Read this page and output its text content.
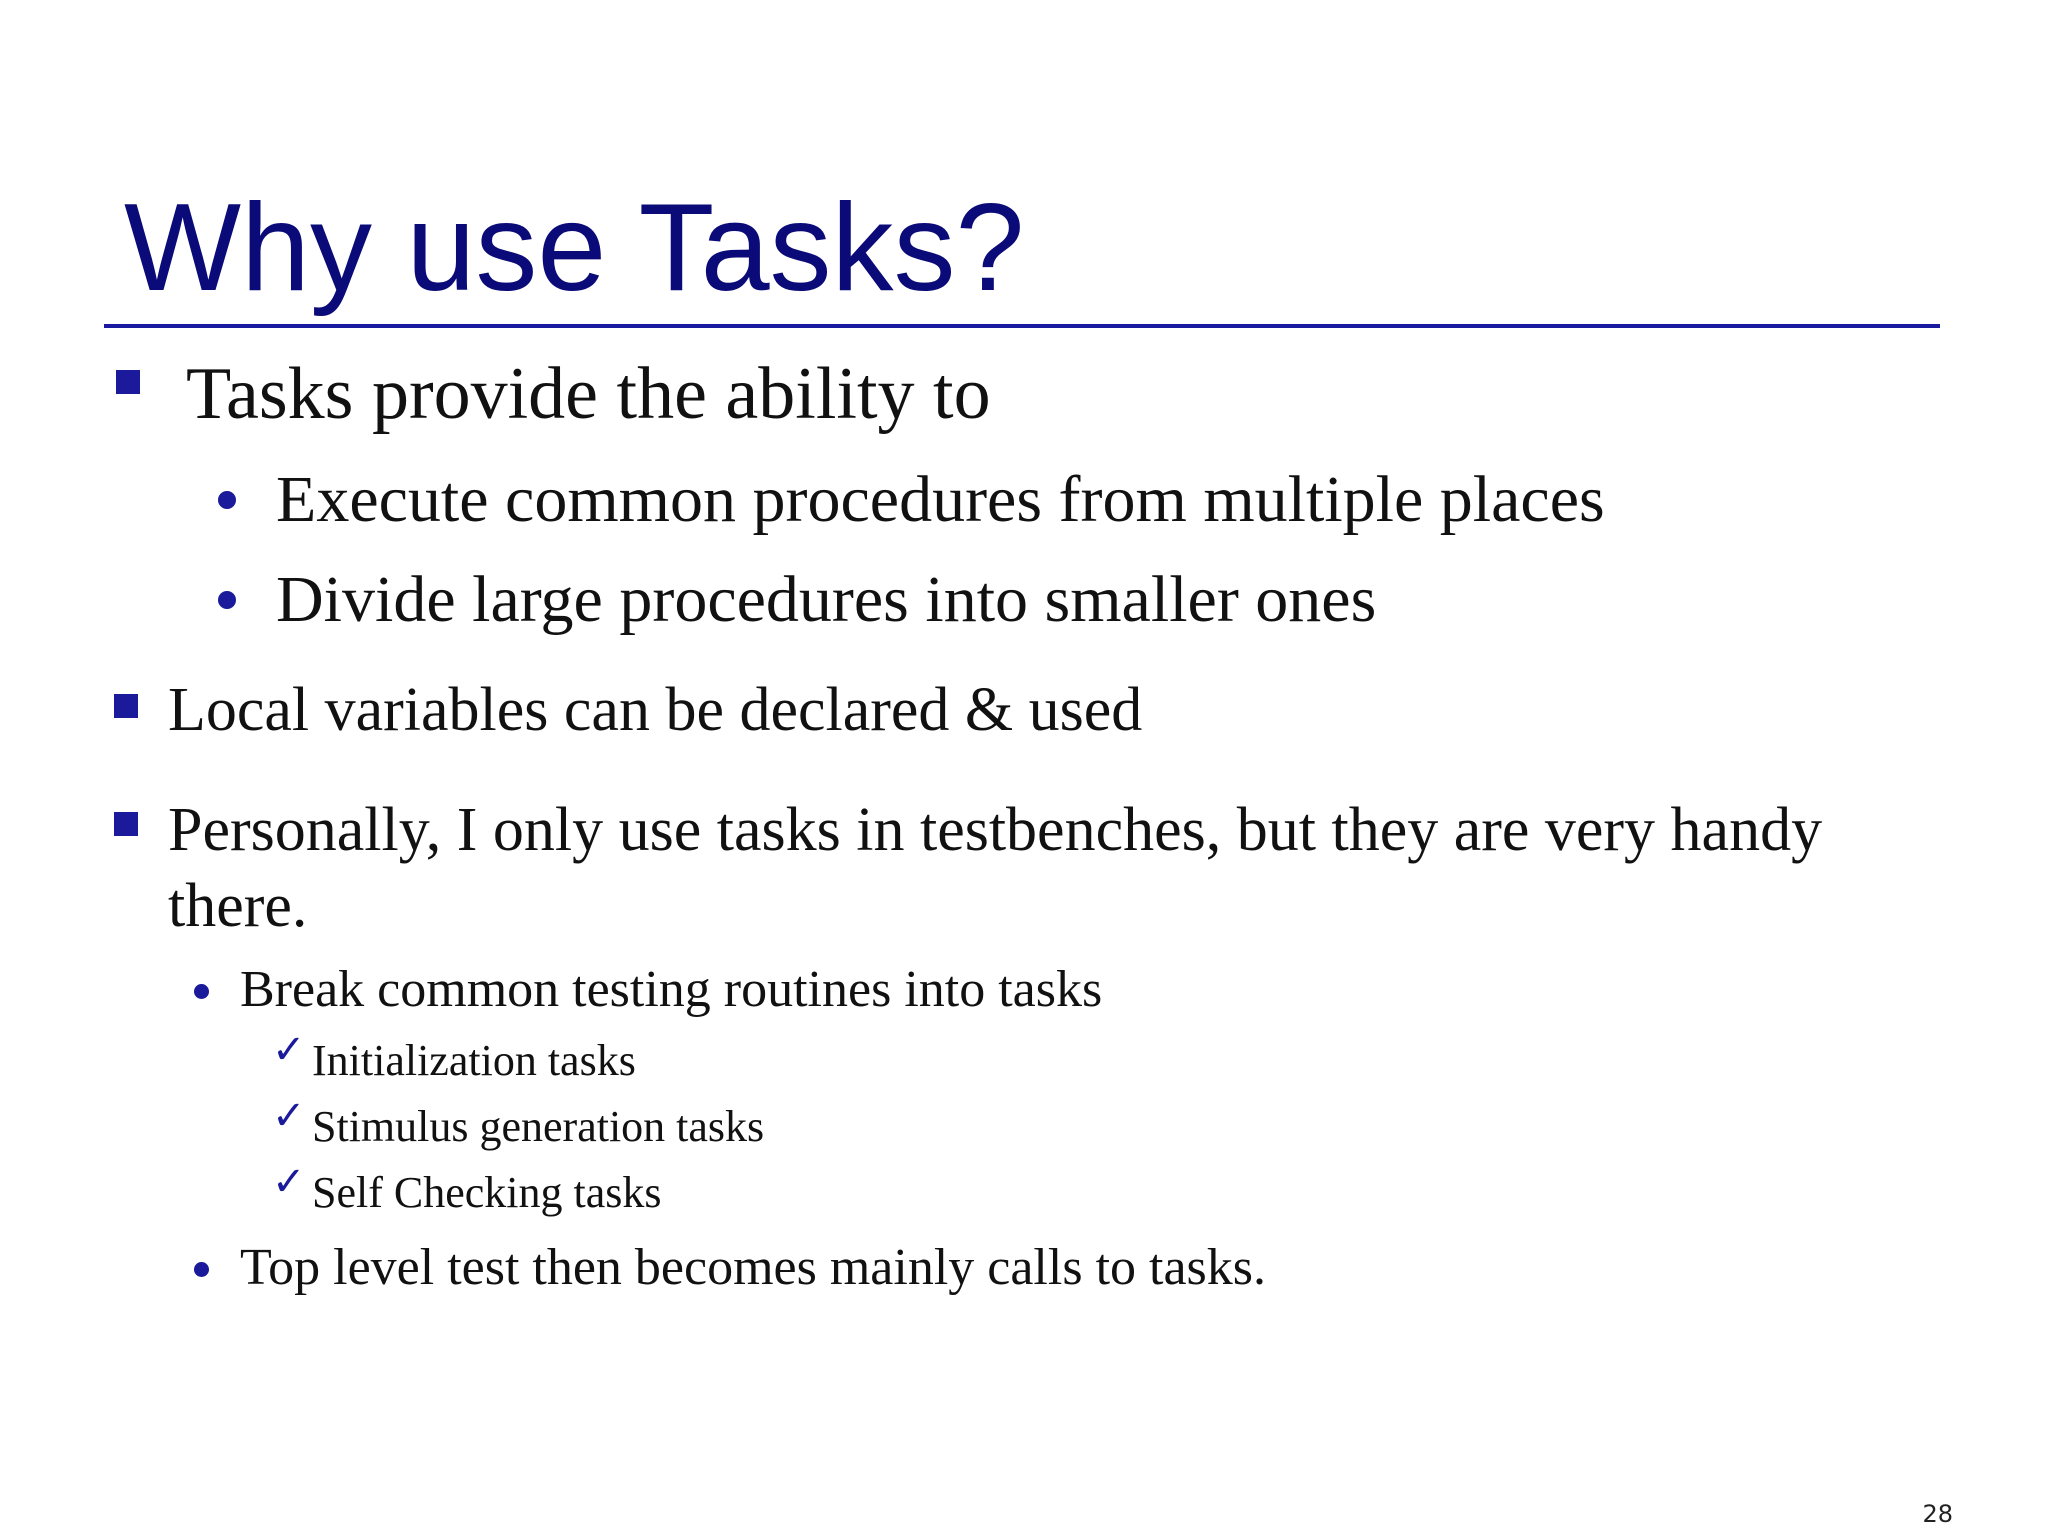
Why use Tasks?
Tasks provide the ability to
Execute common procedures from multiple places
Divide large procedures into smaller ones
Local variables can be declared & used
Personally, I only use tasks in testbenches, but they are very handy
there.
Break common testing routines into tasks
✓ Initialization tasks
✓ Stimulus generation tasks
✓ Self Checking tasks
Top level test then becomes mainly calls to tasks.
28
